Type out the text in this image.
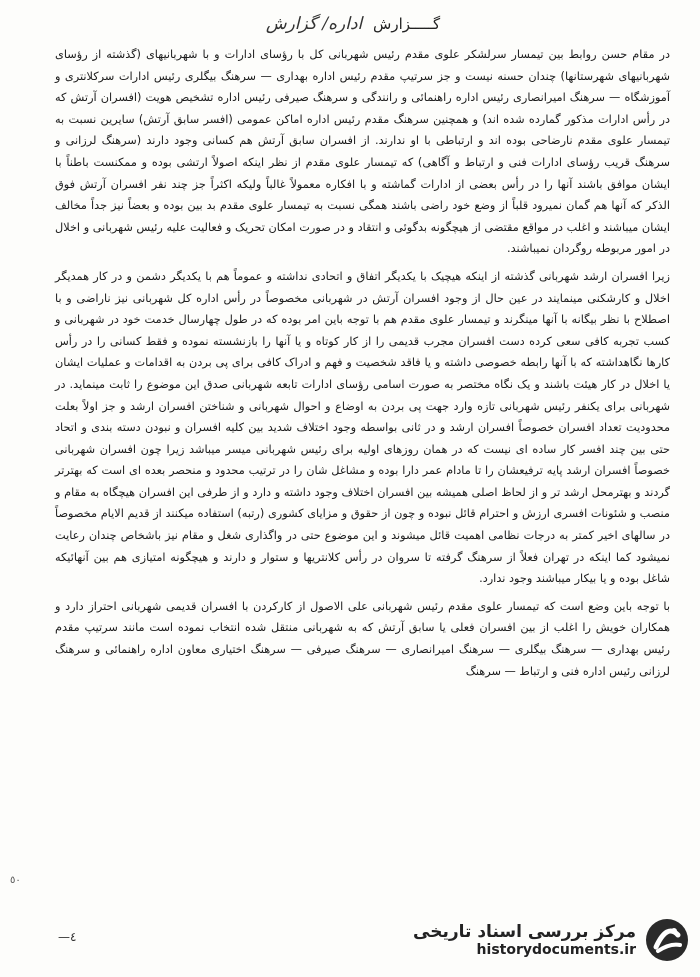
گـــــزارش اداره/ گزارش

در مقام حسن روابط بین تیمسار سرلشکر علوی مقدم رئیس شهربانی کل با رؤسای ادارات و با شهربانیهای (گذشته از رؤسای شهربانیهای شهرستانها) چندان حسنه نیست و جز سرتیپ مقدم رئیس اداره بهداری — سرهنگ بیگلری رئیس ادارات سرکلانتری و آموزشگاه — سرهنگ امیرانصاری رئیس اداره راهنمائی و رانندگی و سرهنگ صیرفی رئیس اداره تشخیص هویت (افسران آرتش که در رأس ادارات مذکور گمارده شده اند) و همچنین سرهنگ مقدم رئیس اداره اماکن عمومی (افسر سابق آرتش) سایرین نسبت به تیمسار علوی مقدم نارضاحی بوده اند و ارتباطی با او ندارند. از افسران سابق آرتش هم کسانی وجود دارند (سرهنگ لرزانی و سرهنگ قریب رؤسای ادارات فنی و ارتباط و آگاهی) که تیمسار علوی مقدم از نظر اینکه اصولاً ارتشی بوده و ممکنست باطناً با ایشان موافق باشند آنها را در رأس بعضی از ادارات گماشته و با افکاره معمولاً غالباً ولیکه اکثراً جز چند نفر افسران آرتش فوق الذکر که آنها هم گمان نمیرود قلباً از وضع خود راضی باشند همگی نسبت به تیمسار علوی مقدم بد بین بوده و بعضاً نیز جداً مخالف ایشان میباشند و اغلب در مواقع مقتضی از هیچگونه بدگوئی و انتقاد و در صورت امکان تحریک و فعالیت علیه رئیس شهربانی و اخلال در امور مربوطه روگردان نمیباشند.

زیرا افسران ارشد شهربانی گذشته از اینکه هیچیک با یکدیگر اتفاق و اتحادی نداشته و عموماً هم با یکدیگر دشمن و در کار همدیگر اخلال و کارشکنی مینمایند در عین حال از وجود افسران آرتش در شهربانی مخصوصاً در رأس اداره کل شهربانی نیز ناراضی و با اصطلاح با نظر بیگانه با آنها مینگرند و تیمسار علوی مقدم هم با توجه باین امر بوده که در طول چهارسال خدمت خود در شهربانی و کسب تجربه کافی سعی کرده دست افسران مجرب قدیمی را از کار کوتاه و یا آنها را بازنشسته نموده و فقط کسانی را در رأس کارها نگاهداشته که با آنها رابطه خصوصی داشته و یا فاقد شخصیت و فهم و ادراک کافی برای پی بردن به اقدامات و عملیات ایشان یا اخلال در کار هیئت باشند و یک نگاه مختصر به صورت اسامی رؤسای ادارات تابعه شهربانی صدق این موضوع را ثابت مینماید. در شهربانی برای یکنفر رئیس شهربانی تازه وارد جهت پی بردن به اوضاع و احوال شهربانی و شناختن افسران ارشد و جز اولاً بعلت محدودیت تعداد افسران خصوصاً افسران ارشد و در ثانی بواسطه وجود اختلاف شدید بین کلیه افسران و نبودن دسته بندی و اتحاد حتی بین چند افسر کار ساده ای نیست که در همان روزهای اولیه برای رئیس شهربانی میسر میباشد زیرا چون افسران شهربانی خصوصاً افسران ارشد پایه ترفیعشان را تا مادام عمر دارا بوده و مشاغل شان را در ترتیب محدود و منحصر بعده ای است که بهترتر گردند و بهترمحل ارشد تر و از لحاظ اصلی همیشه بین افسران اختلاف وجود داشته و دارد و از طرفی این افسران هیچگاه به مقام و منصب و شئونات افسری ارزش و احترام قائل نبوده و چون از حقوق و مزایای کشوری (رتبه) استفاده میکنند از قدیم الایام مخصوصاً در سالهای اخیر کمتر به درجات نظامی اهمیت قائل میشوند و این موضوع حتی در واگذاری شغل و مقام نیز باشخاص چندان رعایت نمیشود کما اینکه در تهران فعلاً از سرهنگ گرفته تا سروان در رأس کلانتریها و ستوار و دارند و هیچگونه امتیازی هم بین آنهائیکه شاغل بوده و یا بیکار میباشند وجود ندارد.

با توجه باین وضع است که تیمسار علوی مقدم رئیس شهربانی علی الاصول از کارکردن با افسران قدیمی شهربانی احتراز دارد و همکاران خویش را اغلب از بین افسران فعلی یا سابق آرتش که به شهربانی منتقل شده انتخاب نموده است مانند سرتیپ مقدم رئیس بهداری — سرهنگ بیگلری — سرهنگ امیرانصاری — سرهنگ صیرفی — سرهنگ اختیاری معاون اداره راهنمائی و سرهنگ لرزانی رئیس اداره فنی و ارتباط — سرهنگ

٥٠
—٤	مرکز بررسی اسناد تاریخی
historydocuments.ir
